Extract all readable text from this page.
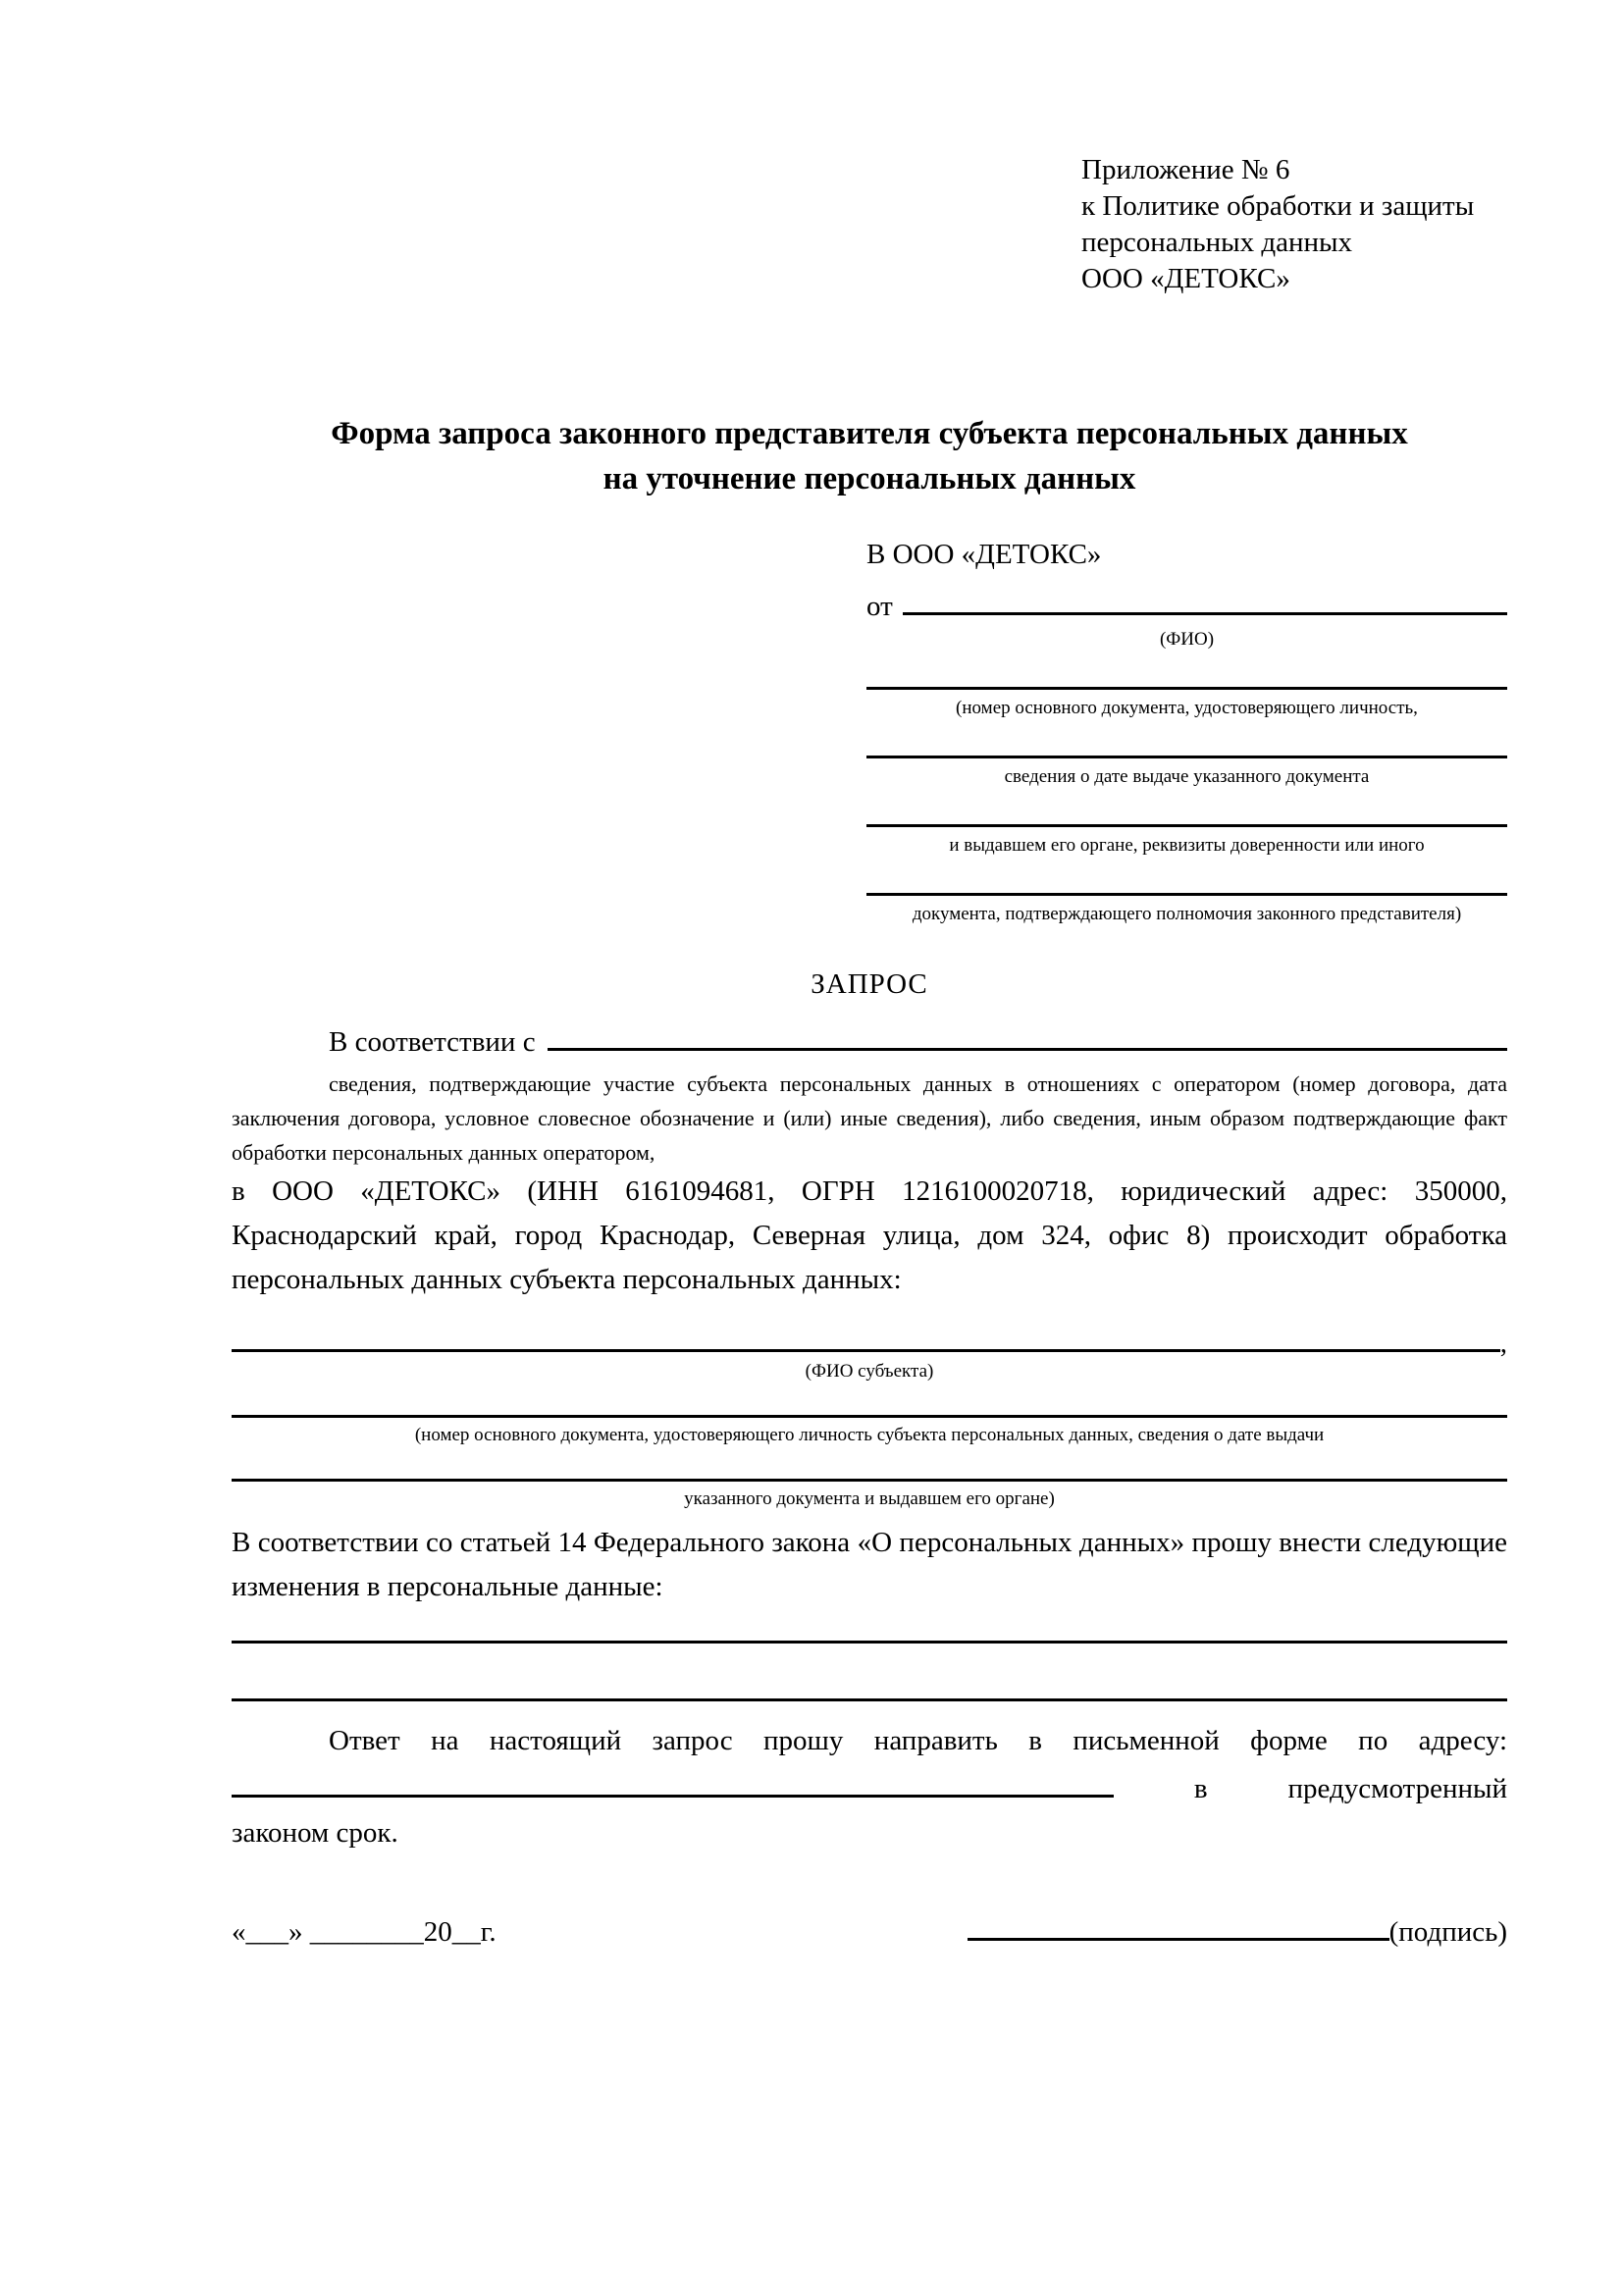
Приложение № 6
к Политике обработки и защиты
персональных данных
ООО «ДЕТОКС»
Форма запроса законного представителя субъекта персональных данных
на уточнение персональных данных
В ООО «ДЕТОКС»
от
(ФИО)
(номер основного документа, удостоверяющего личность,
сведения о дате выдаче указанного документа
и выдавшем его органе, реквизиты доверенности или иного
документа, подтверждающего полномочия законного представителя)
ЗАПРОС
В соответствии с
сведения, подтверждающие участие субъекта персональных данных в отношениях с оператором (номер договора, дата заключения договора, условное словесное обозначение и (или) иные сведения), либо сведения, иным образом подтверждающие факт обработки персональных данных оператором,
в ООО «ДЕТОКС» (ИНН 6161094681, ОГРН 1216100020718, юридический адрес: 350000, Краснодарский край, город Краснодар, Северная улица, дом 324, офис 8) происходит обработка персональных данных субъекта персональных данных:
,
(ФИО субъекта)
(номер основного документа, удостоверяющего личность субъекта персональных данных, сведения о дате выдачи
указанного документа и выдавшем его органе)
В соответствии со статьей 14 Федерального закона «О персональных данных» прошу внести следующие изменения в персональные данные:
Ответ на настоящий запрос прошу направить в письменной форме по адресу:
в	предусмотренный
законом срок.
«___» ________20__г.	(подпись)
